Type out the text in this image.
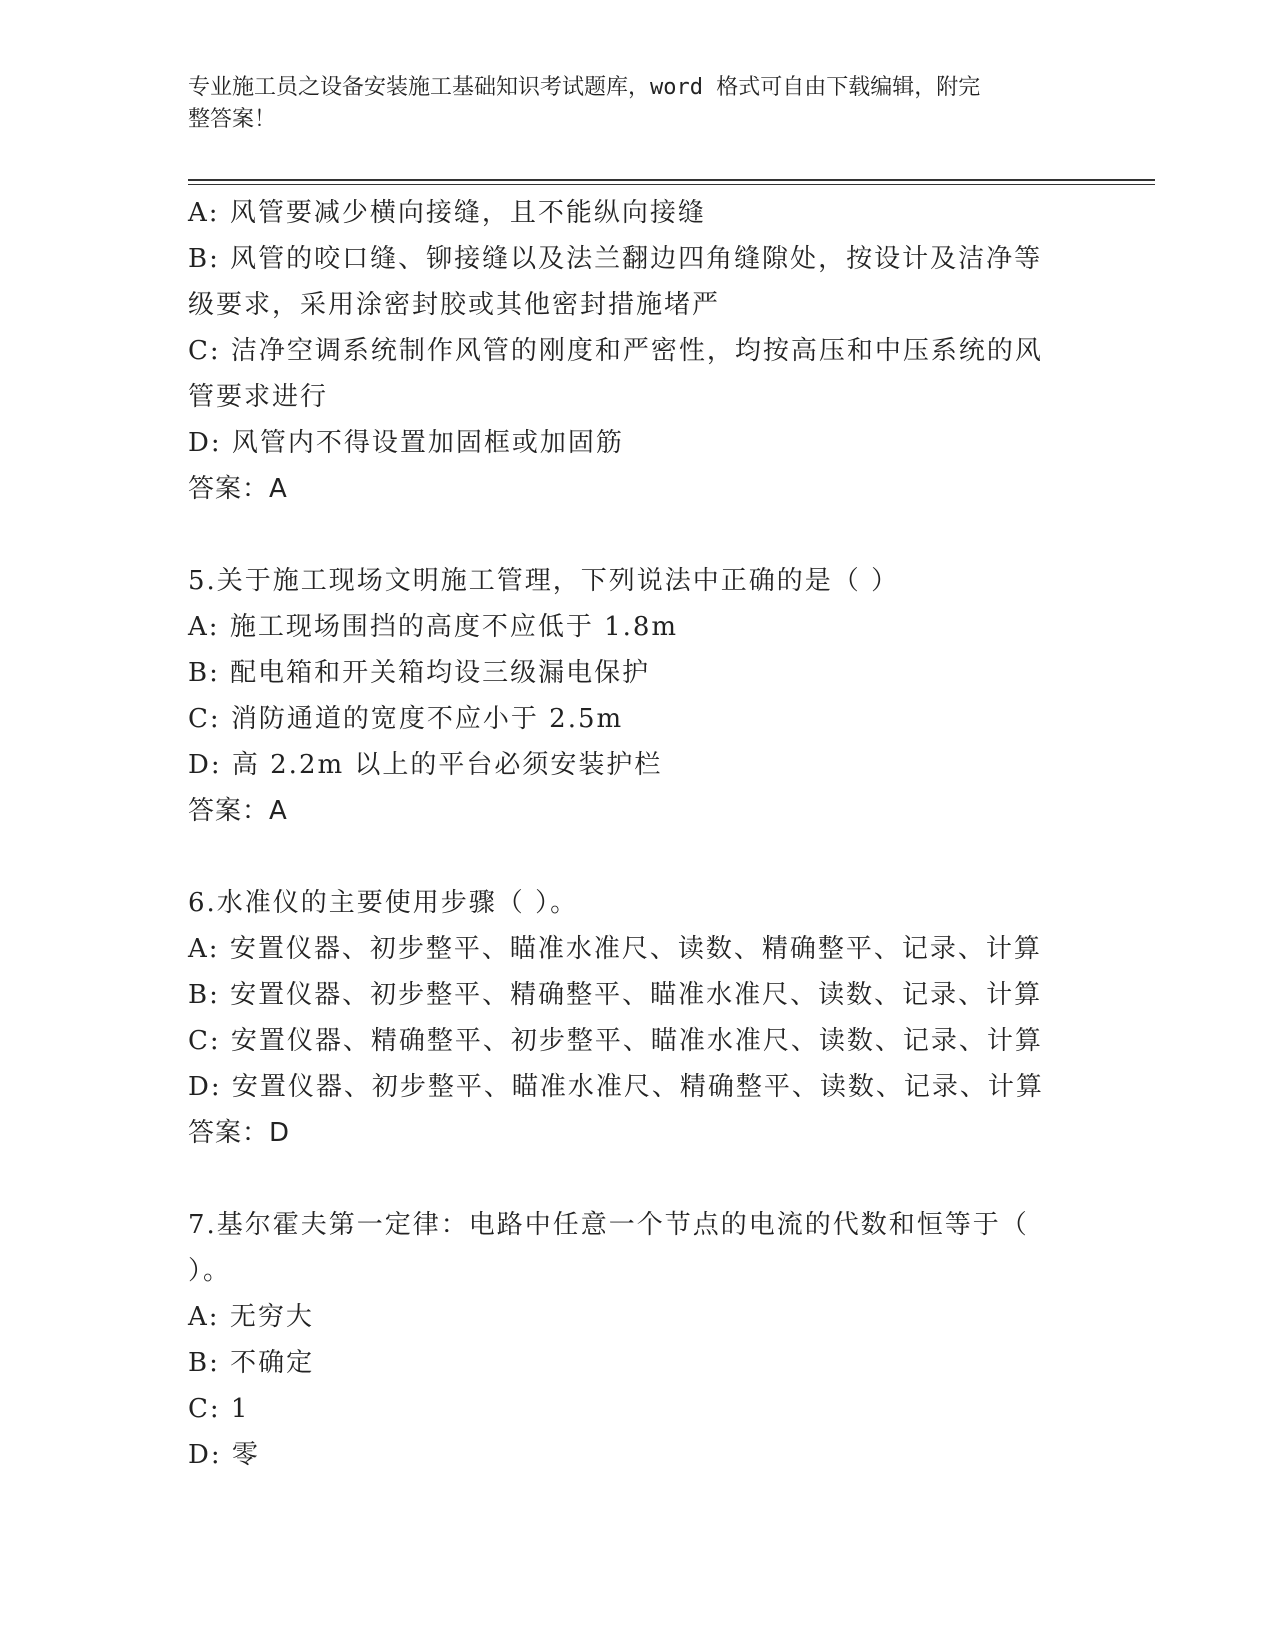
专业施工员之设备安装施工基础知识考试题库，word 格式可自由下载编辑，附完
整答案！
A: 风管要减少横向接缝，且不能纵向接缝
B: 风管的咬口缝、铆接缝以及法兰翻边四角缝隙处，按设计及洁净等
级要求，采用涂密封胶或其他密封措施堵严
C: 洁净空调系统制作风管的刚度和严密性，均按高压和中压系统的风
管要求进行
D: 风管内不得设置加固框或加固筋
答案：A
5.关于施工现场文明施工管理，下列说法中正确的是（ ）
A: 施工现场围挡的高度不应低于 1.8m
B: 配电箱和开关箱均设三级漏电保护
C: 消防通道的宽度不应小于 2.5m
D: 高 2.2m 以上的平台必须安装护栏
答案：A
6.水准仪的主要使用步骤（ ）。
A: 安置仪器、初步整平、瞄准水准尺、读数、精确整平、记录、计算
B: 安置仪器、初步整平、精确整平、瞄准水准尺、读数、记录、计算
C: 安置仪器、精确整平、初步整平、瞄准水准尺、读数、记录、计算
D: 安置仪器、初步整平、瞄准水准尺、精确整平、读数、记录、计算
答案：D
7.基尔霍夫第一定律：电路中任意一个节点的电流的代数和恒等于（
）。
A: 无穷大
B: 不确定
C: 1
D: 零
